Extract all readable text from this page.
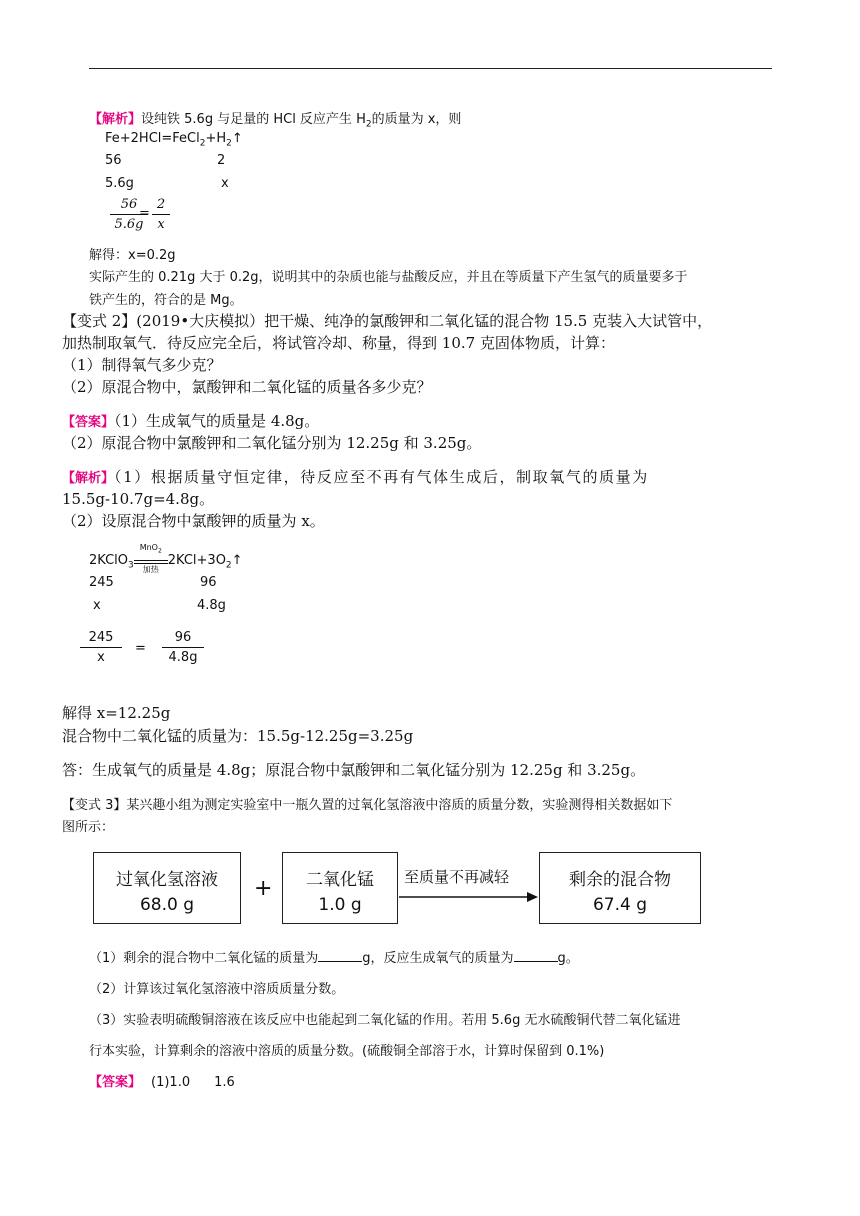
【解析】设纯铁 5.6g 与足量的 HCl 反应产生 $H_2$的质量为 x，则
$Fe+2HCl=FeCl_2+H_2↑$
56	2
5.6g	x
56
5.6g
=
2
x
解得：x=0.2g
实际产生的 0.21g 大于 0.2g，说明其中的杂质也能与盐酸反应，并且在等质量下产生氢气的质量要多于
铁产生的，符合的是 Mg。
【变式 2】(2019•大庆模拟）把干燥、纯净的氯酸钾和二氧化锰的混合物 15.5 克装入大试管中，
加热制取氧气．待反应完全后，将试管冷却、称量，得到 10.7 克固体物质，计算：
（1）制得氧气多少克？
（2）原混合物中，氯酸钾和二氧化锰的质量各多少克？
【答案】（1）生成氧气的质量是 4.8g。
（2）原混合物中氯酸钾和二氧化锰分别为 12.25g 和 3.25g。
【解析】（1）根据质量守恒定律，待反应至不再有气体生成后，制取氧气的质量为
15.5g-10.7g=4.8g。
（2）设原混合物中氯酸钾的质量为 x。
2KClO$_3$
MnO$_2$
加热
$2KCl+3O_2↑$
245	96
x	4.8g
245
x
=
96
4.8g
解得 x=12.25g
混合物中二氧化锰的质量为：15.5g-12.25g=3.25g
答：生成氧气的质量是 4.8g；原混合物中氯酸钾和二氧化锰分别为 12.25g 和 3.25g。
【变式 3】某兴趣小组为测定实验室中一瓶久置的过氧化氢溶液中溶质的质量分数，实验测得相关数据如下
图所示：
过氧化氢溶液
68.0 g
+	二氧化锰
1.0 g
至质量不再减轻	剩余的混合物
67.4 g
（1）剩余的混合物中二氧化锰的质量为	g，反应生成氧气的质量为	g。
（2）计算该过氧化氢溶液中溶质质量分数。
（3）实验表明硫酸铜溶液在该反应中也能起到二氧化锰的作用。若用 5.6g 无水硫酸铜代替二氧化锰进
行本实验，计算剩余的溶液中溶质的质量分数。(硫酸铜全部溶于水，计算时保留到 0.1%)
【答案】 (1)1.0 1.6
